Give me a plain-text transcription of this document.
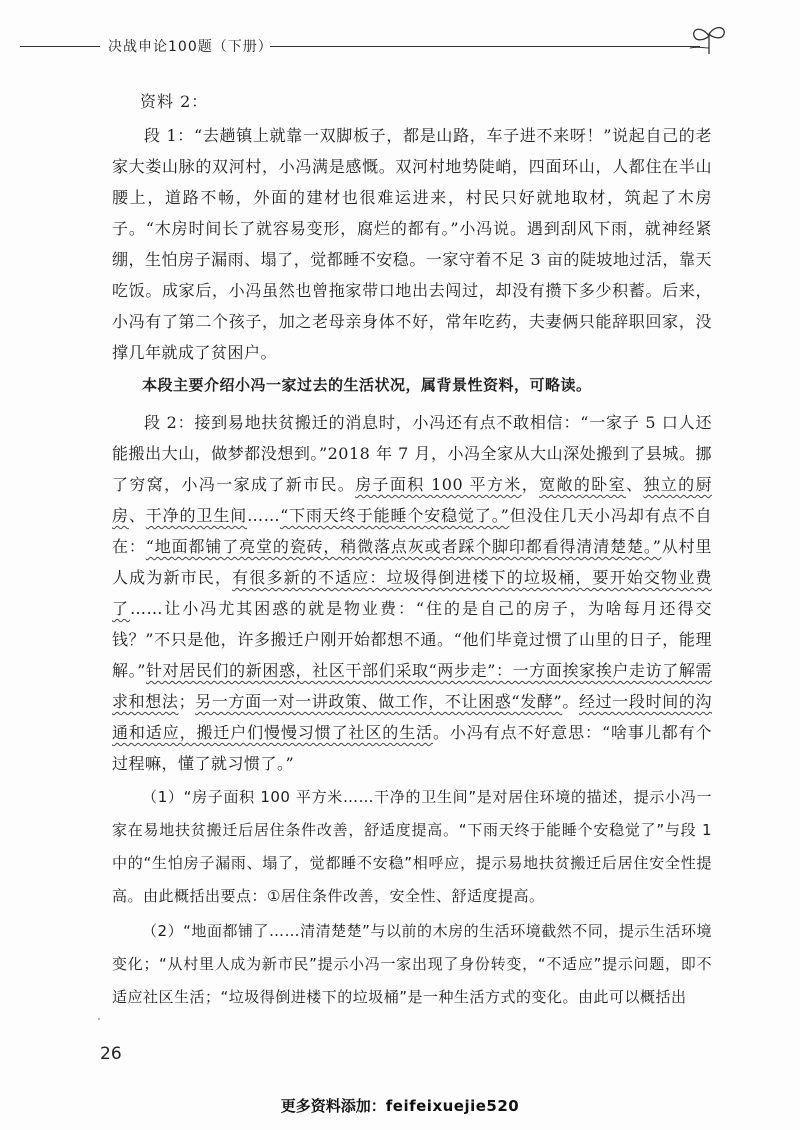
决战申论100题（下册）
资料 2：

段 1：“去趟镇上就靠一双脚板子，都是山路，车子进不来呀！”说起自己的老家大娄山脉的双河村，小冯满是感慨。双河村地势陡峭，四面环山，人都住在半山腰上，道路不畅，外面的建材也很难运进来，村民只好就地取材，筑起了木房子。“木房时间长了就容易变形，腐烂的都有。”小冯说。遇到刮风下雨，就神经紧绷，生怕房子漏雨、塌了，觉都睡不安稳。一家守着不足 3 亩的陡坡地过活，靠天吃饭。成家后，小冯虽然也曾拖家带口地出去闯过，却没有攒下多少积蓄。后来，小冯有了第二个孩子，加之老母亲身体不好，常年吃药，夫妻俩只能辞职回家，没撑几年就成了贫困户。

本段主要介绍小冯一家过去的生活状况，属背景性资料，可略读。

段 2：接到易地扶贫搬迁的消息时，小冯还有点不敢相信：“一家子 5 口人还能搬出大山，做梦都没想到。”2018 年 7 月，小冯全家从大山深处搬到了县城。挪了穷窝，小冯一家成了新市民。房子面积 100 平方米，宽敞的卧室、独立的厨房、干净的卫生间……“下雨天终于能睡个安稳觉了。”但没住几天小冯却有点不自在：“地面都铺了亮堂的瓷砖，稍微落点灰或者踩个脚印都看得清清楚楚。”从村里人成为新市民，有很多新的不适应：垃圾得倒进楼下的垃圾桶，要开始交物业费了……让小冯尤其困惑的就是物业费：“住的是自己的房子，为啥每月还得交钱？”不只是他，许多搬迁户刚开始都想不通。“他们毕竟过惯了山里的日子，能理解。”针对居民们的新困惑，社区干部们采取“两步走”：一方面挨家挨户走访了解需求和想法；另一方面一对一讲政策、做工作，不让困惑“发酵”。经过一段时间的沟通和适应，搬迁户们慢慢习惯了社区的生活。小冯有点不好意思：“啥事儿都有个过程嘛，懂了就习惯了。”

（1）“房子面积 100 平方米……干净的卫生间”是对居住环境的描述，提示小冯一家在易地扶贫搬迁后居住条件改善，舒适度提高。“下雨天终于能睡个安稳觉了”与段 1 中的“生怕房子漏雨、塌了，觉都睡不安稳”相呼应，提示易地扶贫搬迁后居住安全性提高。由此概括出要点：①居住条件改善，安全性、舒适度提高。

（2）“地面都铺了……清清楚楚”与以前的木房的生活环境截然不同，提示生活环境变化；“从村里人成为新市民”提示小冯一家出现了身份转变，“不适应”提示问题，即不适应社区生活；“垃圾得倒进楼下的垃圾桶”是一种生活方式的变化。由此可以概括出

26
更多资料添加：feifeixuejie520
